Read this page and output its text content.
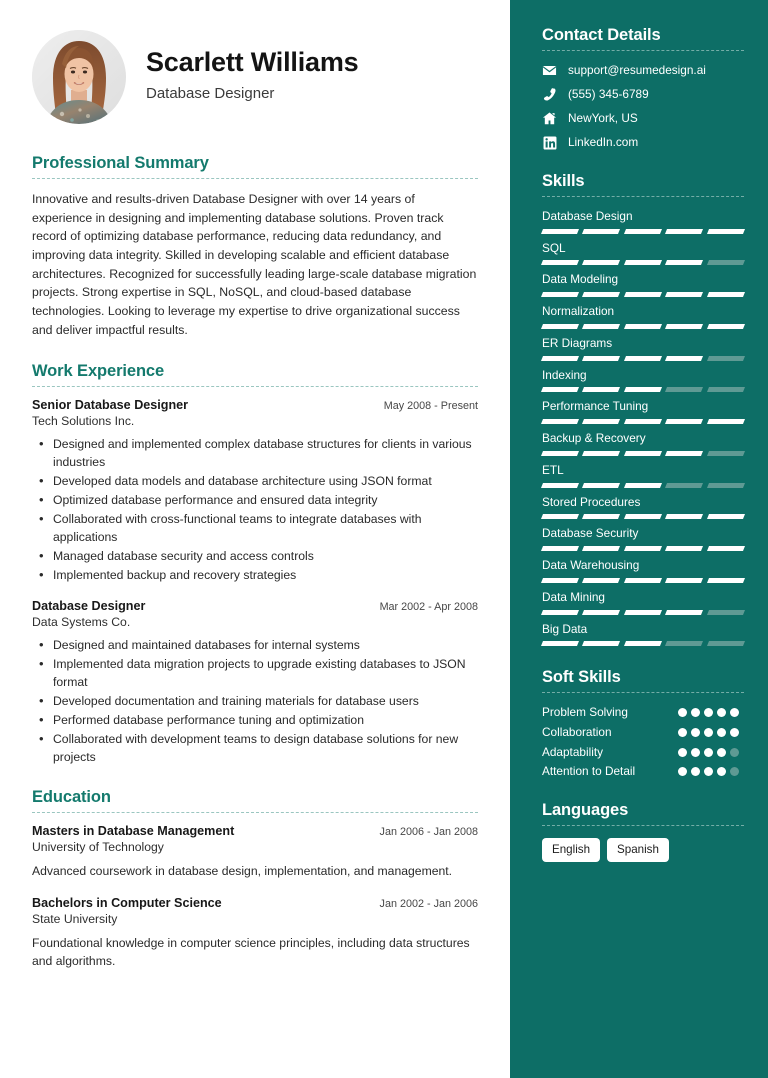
Scarlett Williams
Database Designer
Professional Summary
Innovative and results-driven Database Designer with over 14 years of experience in designing and implementing database solutions. Proven track record of optimizing database performance, reducing data redundancy, and improving data integrity. Skilled in developing scalable and efficient database architectures. Recognized for successfully leading large-scale database migration projects. Strong expertise in SQL, NoSQL, and cloud-based database technologies. Looking to leverage my expertise to drive organizational success and deliver impactful results.
Work Experience
Senior Database Designer	May 2008 - Present
Tech Solutions Inc.
• Designed and implemented complex database structures for clients in various industries
• Developed data models and database architecture using JSON format
• Optimized database performance and ensured data integrity
• Collaborated with cross-functional teams to integrate databases with applications
• Managed database security and access controls
• Implemented backup and recovery strategies
Database Designer	Mar 2002 - Apr 2008
Data Systems Co.
• Designed and maintained databases for internal systems
• Implemented data migration projects to upgrade existing databases to JSON format
• Developed documentation and training materials for database users
• Performed database performance tuning and optimization
• Collaborated with development teams to design database solutions for new projects
Education
Masters in Database Management	Jan 2006 - Jan 2008
University of Technology
Advanced coursework in database design, implementation, and management.
Bachelors in Computer Science	Jan 2002 - Jan 2006
State University
Foundational knowledge in computer science principles, including data structures and algorithms.
Contact Details
support@resumedesign.ai
(555) 345-6789
NewYork, US
LinkedIn.com
Skills
Database Design
SQL
Data Modeling
Normalization
ER Diagrams
Indexing
Performance Tuning
Backup & Recovery
ETL
Stored Procedures
Database Security
Data Warehousing
Data Mining
Big Data
Soft Skills
Problem Solving
Collaboration
Adaptability
Attention to Detail
Languages
English	Spanish
